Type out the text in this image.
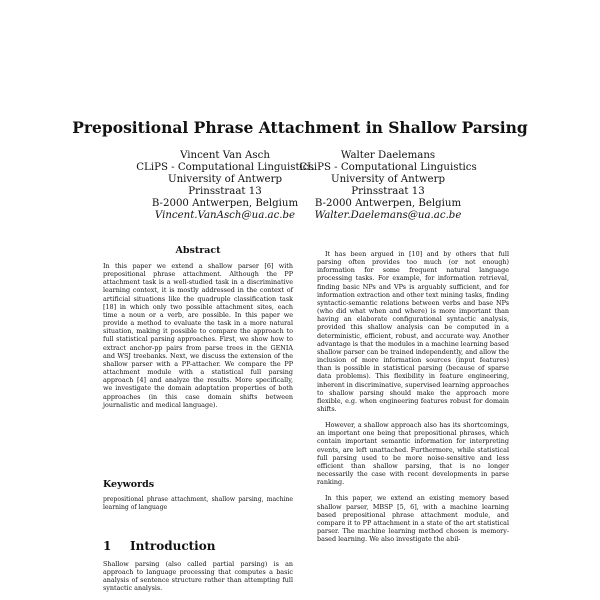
Prepositional Phrase Attachment in Shallow Parsing
Vincent Van Asch
CLiPS - Computational Linguistics
University of Antwerp
Prinsstraat 13
B-2000 Antwerpen, Belgium
Vincent.VanAsch@ua.ac.be
Walter Daelemans
CLiPS - Computational Linguistics
University of Antwerp
Prinsstraat 13
B-2000 Antwerpen, Belgium
Walter.Daelemans@ua.ac.be
Abstract
In this paper we extend a shallow parser [6] with prepositional phrase attachment. Although the PP attachment task is a well-studied task in a discriminative learning context, it is mostly addressed in the context of artificial situations like the quadruple classification task [18] in which only two possible attachment sites, each time a noun or a verb, are possible. In this paper we provide a method to evaluate the task in a more natural situation, making it possible to compare the approach to full statistical parsing approaches. First, we show how to extract anchor-pp pairs from parse trees in the GENIA and WSJ treebanks. Next, we discuss the extension of the shallow parser with a PP-attacher. We compare the PP attachment module with a statistical full parsing approach [4] and analyze the results. More specifically, we investigate the domain adaptation properties of both approaches (in this case domain shifts between journalistic and medical language).
Keywords
prepositional phrase attachment, shallow parsing, machine learning of language
1 Introduction
Shallow parsing (also called partial parsing) is an approach to language processing that computes a basic analysis of sentence structure rather than attempting full syntactic analysis.

It has been argued in [10] and by others that full parsing often provides too much (or not enough) information for some frequent natural language processing tasks. For example, for information retrieval, finding basic NPs and VPs is arguably sufficient, and for information extraction and other text mining tasks, finding syntactic-semantic relations between verbs and base NPs (who did what when and where) is more important than having an elaborate configurational syntactic analysis, provided this shallow analysis can be computed in a deterministic, efficient, robust, and accurate way. Another advantage is that the modules in a machine learning based shallow parser can be trained independently, and allow the inclusion of more information sources (input features) than is possible in statistical parsing (because of sparse data problems). This flexibility in feature engineering, inherent in discriminative, supervised learning approaches to shallow parsing should make the approach more flexible, e.g. when engineering features robust for domain shifts.

However, a shallow approach also has its shortcomings, an important one being that prepositional phrases, which contain important semantic information for interpreting events, are left unattached. Furthermore, while statistical full parsing used to be more noise-sensitive and less efficient than shallow parsing, that is no longer necessarily the case with recent developments in parse ranking.

In this paper, we extend an existing memory based shallow parser, MBSP [5, 6], with a machine learning based prepositional phrase attachment module, and compare it to PP attachment in a state of the art statistical parser. The machine learning method chosen is memory-based learning. We also investigate the abil-
